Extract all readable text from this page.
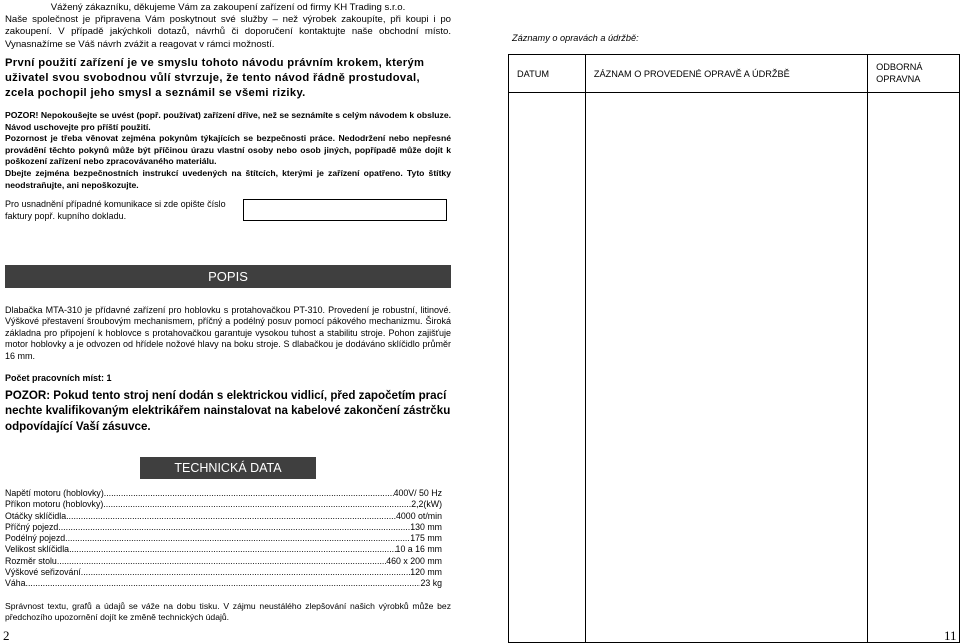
Vážený zákazníku, děkujeme Vám za zakoupení zařízení od firmy KH Trading s.r.o.
Naše společnost je připravena Vám poskytnout své služby – než výrobek zakoupíte, při koupi i po zakoupení. V případě jakýchkoli dotazů, návrhů či doporučení kontaktujte naše obchodní místo. Vynasnažíme se Váš návrh zvážit a reagovat v rámci možností.
První použití zařízení je ve smyslu tohoto návodu právním krokem, kterým uživatel svou svobodnou vůlí stvrzuje, že tento návod řádně prostudoval, zcela pochopil jeho smysl a seznámil se všemi riziky.

POZOR! Nepokoušejte se uvést (popř. používat) zařízení dříve, než se seznámíte s celým návodem k obsluze. Návod uschovejte pro příští použití.

Pozornost je třeba věnovat zejména pokynům týkajících se bezpečnosti práce. Nedodržení nebo nepřesné provádění těchto pokynů může být příčinou úrazu vlastní osoby nebo osob jiných, popřípadě může dojít k poškození zařízení nebo zpracovávaného materiálu.

Dbejte zejména bezpečnostních instrukcí uvedených na štítcích, kterými je zařízení opatřeno. Tyto štítky neodstraňujte, ani nepoškozujte.

Pro usnadnění případné komunikace si zde opište číslo faktury popř. kupního dokladu.
POPIS
Dlabačka MTA-310 je přídavné zařízení pro hoblovku s protahovačkou PT-310. Provedení je robustní, litinové. Výškové přestavení šroubovým mechanismem, příčný a podélný posuv pomocí pákového mechanizmu. Široká základna pro připojení k hoblovce s protahovačkou garantuje vysokou tuhost a stabilitu stroje. Pohon zajišťuje motor hoblovky a je odvozen od hřídele nožové hlavy na boku stroje. S dlabačkou je dodáváno sklíčidlo průměr 16 mm.
Počet pracovních míst: 1
POZOR: Pokud tento stroj není dodán s elektrickou vidlicí, před započetím prací nechte kvalifikovaným elektrikářem nainstalovat na kabelové zakončení zástrčku odpovídající Vaší zásuvce.
TECHNICKÁ DATA
Napětí motoru (hoblovky) .....	400V/ 50 Hz
Příkon motoru (hoblovky) .....	2,2(kW)
Otáčky sklíčidla .....	4000 ot/min
Příčný pojezd .....	130 mm
Podélný pojezd .....	175 mm
Velikost sklíčidla .....	10 a 16 mm
Rozměr stolu .....	460 x 200 mm
Výškové seřizování .....	120 mm
Váha .....	23 kg
Správnost textu, grafů a údajů se váže na dobu tisku. V zájmu neustálého zlepšování našich výrobků může bez předchozího upozornění dojít ke změně technických údajů.
2	11
Záznamy o opravách a údržbě:
DATUM	ZÁZNAM O PROVEDENÉ OPRAVĚ A ÚDRŽBĚ	ODBORNÁ OPRAVNA
